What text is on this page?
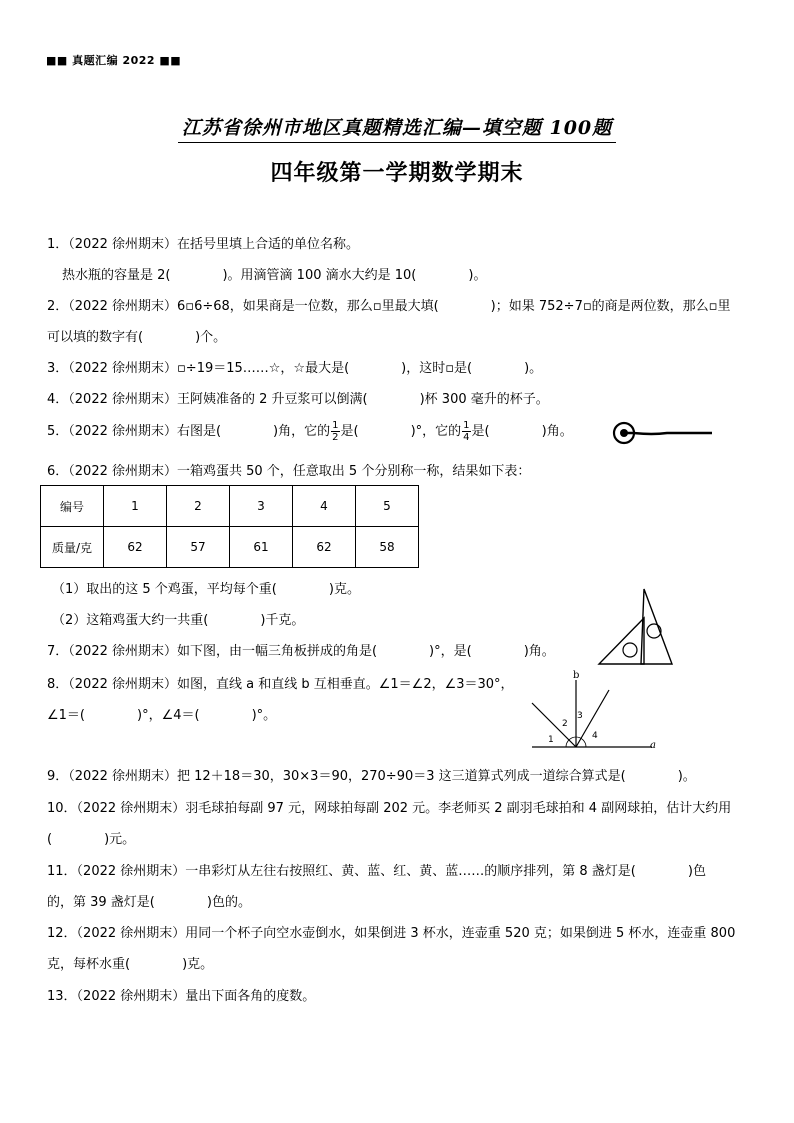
■■ 真题汇编 2022 ■■
江苏省徐州市地区真题精选汇编—填空题 100题
四年级第一学期数学期末
1．（2022 徐州期末）在括号里填上合适的单位名称。
热水瓶的容量是 2(　　　　)。用滴管滴 100 滴水大约是 10(　　　　)。
2．（2022 徐州期末）6▫6÷68，如果商是一位数，那么▫里最大填(　　　　)；如果 752÷7▫的商是两位数，那么▫里
可以填的数字有(　　　　)个。
3．（2022 徐州期末）▫÷19＝15……☆，☆最大是(　　　　)，这时▫是(　　　　)。
4．（2022 徐州期末）王阿姨准备的 2 升豆浆可以倒满(　　　　)杯 300 毫升的杯子。
5．（2022 徐州期末）右图是(　　　　)角，它的 $\frac{1}{2}$ 是(　　　　)°，它的 $\frac{1}{4}$ 是(　　　　)角。
6．（2022 徐州期末）一箱鸡蛋共 50 个，任意取出 5 个分别称一称，结果如下表：
编号	1	2	3	4	5
质量/克	62	57	61	62	58
（1）取出的这 5 个鸡蛋，平均每个重(　　　　)克。
（2）这箱鸡蛋大约一共重(　　　　)千克。
7．（2022 徐州期末）如下图，由一幅三角板拼成的角是(　　　　)°，是(　　　　)角。
8．（2022 徐州期末）如图，直线 a 和直线 b 互相垂直。∠1＝∠2，∠3＝30°，
∠1＝(　　　　)°，∠4＝(　　　　)°。
b
a
1
2
3
4
9．（2022 徐州期末）把 12＋18＝30，30×3＝90，270÷90＝3 这三道算式列成一道综合算式是(　　　　)。
10．（2022 徐州期末）羽毛球拍每副 97 元，网球拍每副 202 元。李老师买 2 副羽毛球拍和 4 副网球拍，估计大约用
(　　　　)元。
11．（2022 徐州期末）一串彩灯从左往右按照红、黄、蓝、红、黄、蓝……的顺序排列，第 8 盏灯是(　　　　)色
的，第 39 盏灯是(　　　　)色的。
12．（2022 徐州期末）用同一个杯子向空水壶倒水，如果倒进 3 杯水，连壶重 520 克；如果倒进 5 杯水，连壶重 800
克，每杯水重(　　　　)克。
13．（2022 徐州期末）量出下面各角的度数。
